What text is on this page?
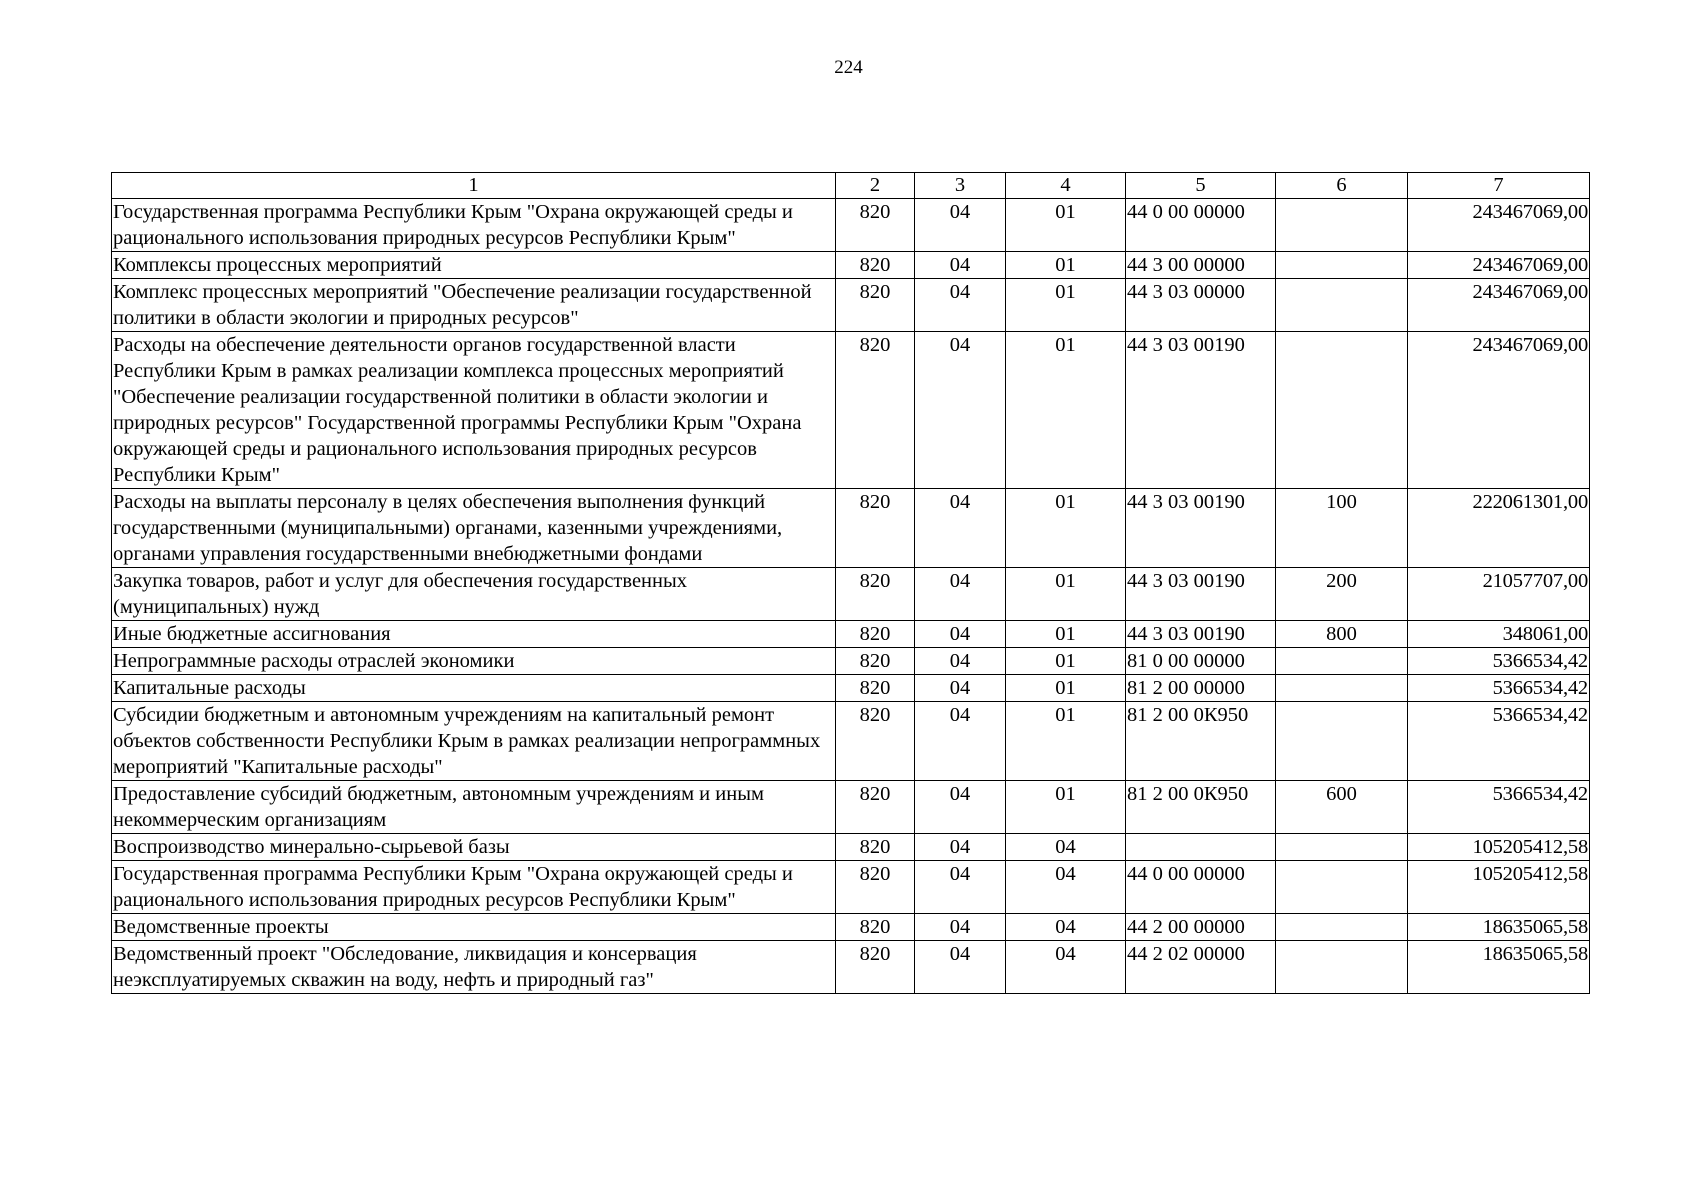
224
1	2	3	4	5	6	7
Государственная программа Республики Крым "Охрана окружающей среды и рационального использования природных ресурсов Республики Крым"	820	04	01	44 0 00 00000		243467069,00
Комплексы процессных мероприятий	820	04	01	44 3 00 00000		243467069,00
Комплекс процессных мероприятий "Обеспечение реализации государственной политики в области экологии и природных ресурсов"	820	04	01	44 3 03 00000		243467069,00
Расходы на обеспечение деятельности органов государственной власти Республики Крым в рамках реализации комплекса процессных мероприятий "Обеспечение реализации государственной политики в области экологии и природных ресурсов" Государственной программы Республики Крым "Охрана окружающей среды и рационального использования природных ресурсов Республики Крым"	820	04	01	44 3 03 00190		243467069,00
Расходы на выплаты персоналу в целях обеспечения выполнения функций государственными (муниципальными) органами, казенными учреждениями, органами управления государственными внебюджетными фондами	820	04	01	44 3 03 00190	100	222061301,00
Закупка товаров, работ и услуг для обеспечения государственных (муниципальных) нужд	820	04	01	44 3 03 00190	200	21057707,00
Иные бюджетные ассигнования	820	04	01	44 3 03 00190	800	348061,00
Непрограммные расходы отраслей экономики	820	04	01	81 0 00 00000		5366534,42
Капитальные расходы	820	04	01	81 2 00 00000		5366534,42
Субсидии бюджетным и автономным учреждениям на капитальный ремонт объектов собственности Республики Крым в рамках реализации непрограммных мероприятий "Капитальные расходы"	820	04	01	81 2 00 0К950		5366534,42
Предоставление субсидий бюджетным, автономным учреждениям и иным некоммерческим организациям	820	04	01	81 2 00 0К950	600	5366534,42
Воспроизводство минерально-сырьевой базы	820	04	04			105205412,58
Государственная программа Республики Крым "Охрана окружающей среды и рационального использования природных ресурсов Республики Крым"	820	04	04	44 0 00 00000		105205412,58
Ведомственные проекты	820	04	04	44 2 00 00000		18635065,58
Ведомственный проект "Обследование, ликвидация и консервация неэксплуатируемых скважин на воду, нефть и природный газ"	820	04	04	44 2 02 00000		18635065,58
